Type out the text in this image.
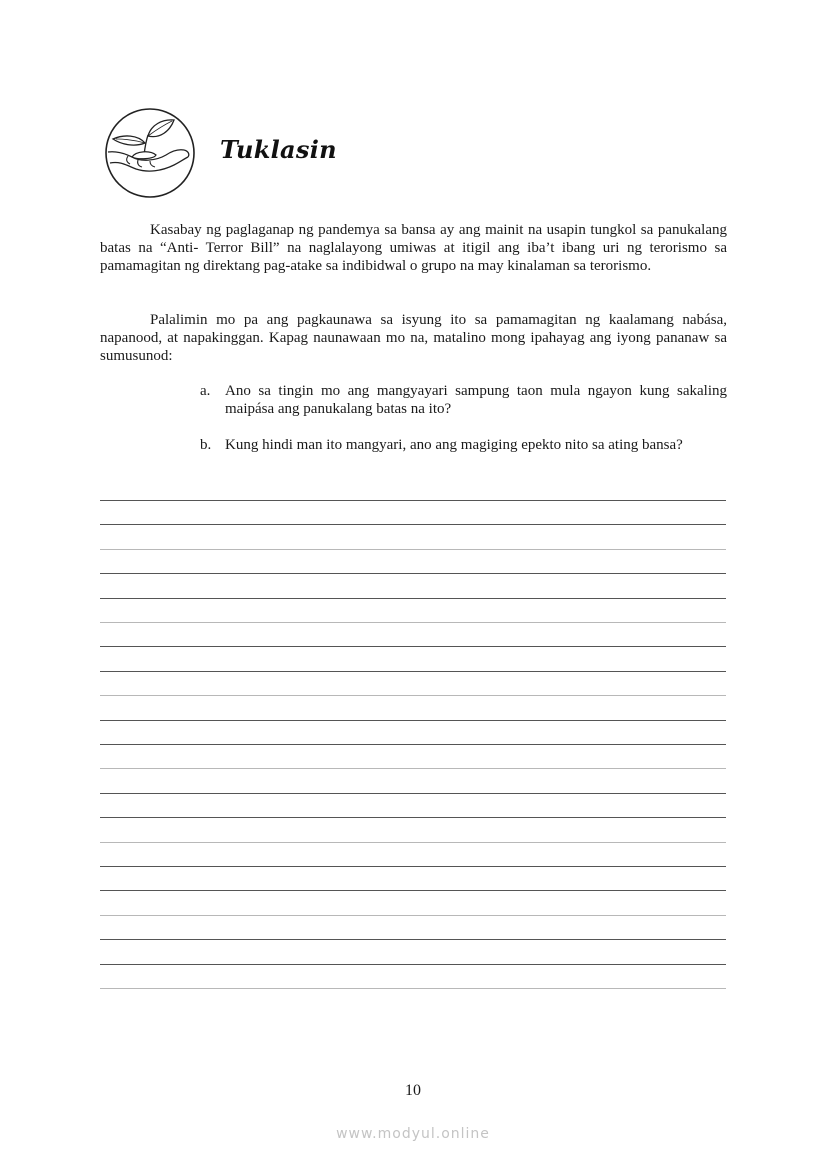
Tuklasin

Kasabay ng paglaganap ng pandemya sa bansa ay ang mainit na usapin tungkol sa panukalang batas na “Anti- Terror Bill” na naglalayong umiwas at itigil ang iba’t ibang uri ng terorismo sa pamamagitan ng direktang pag-atake sa indibidwal o grupo na may kinalaman sa terorismo.

Palalimin mo pa ang pagkaunawa sa isyung ito sa pamamagitan ng kaalamang nabása, napanood, at napakinggan. Kapag naunawaan mo na, matalino mong ipahayag ang iyong pananaw sa sumusunod:

a. Ano sa tingin mo ang mangyayari sampung taon mula ngayon kung sakaling maipása ang panukalang batas na ito?
b. Kung hindi man ito mangyari, ano ang magiging epekto nito sa ating bansa?

10

www.modyul.online
